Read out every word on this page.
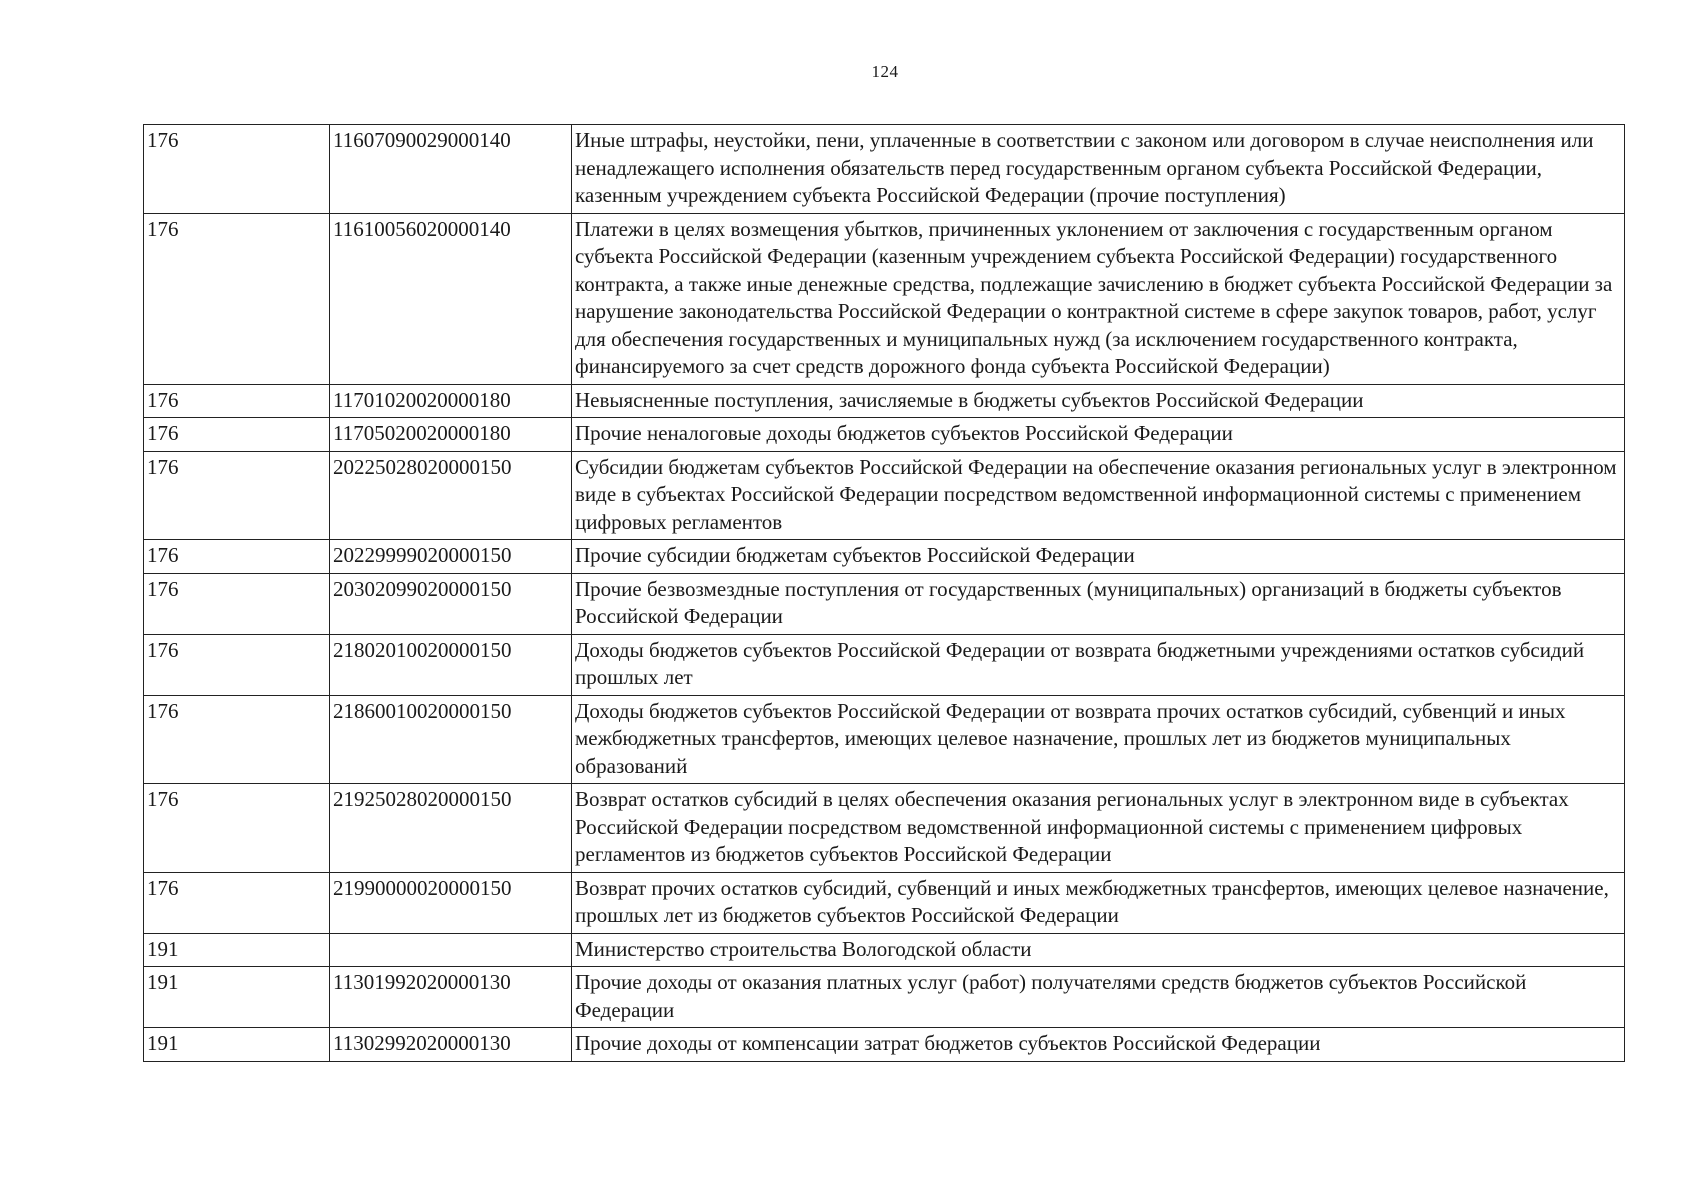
124
176	11607090029000140	Иные штрафы, неустойки, пени, уплаченные в соответствии с законом или договором в случае неисполнения или ненадлежащего исполнения обязательств перед государственным органом субъекта Российской Федерации, казенным учреждением субъекта Российской Федерации (прочие поступления)
176	11610056020000140	Платежи в целях возмещения убытков, причиненных уклонением от заключения с государственным органом субъекта Российской Федерации (казенным учреждением субъекта Российской Федерации) государственного контракта, а также иные денежные средства, подлежащие зачислению в бюджет субъекта Российской Федерации за нарушение законодательства Российской Федерации о контрактной системе в сфере закупок товаров, работ, услуг для обеспечения государственных и муниципальных нужд (за исключением государственного контракта, финансируемого за счет средств дорожного фонда субъекта Российской Федерации)
176	11701020020000180	Невыясненные поступления, зачисляемые в бюджеты субъектов Российской Федерации
176	11705020020000180	Прочие неналоговые доходы бюджетов субъектов Российской Федерации
176	20225028020000150	Субсидии бюджетам субъектов Российской Федерации на обеспечение оказания региональных услуг в электронном виде в субъектах Российской Федерации посредством ведомственной информационной системы с применением цифровых регламентов
176	20229999020000150	Прочие субсидии бюджетам субъектов Российской Федерации
176	20302099020000150	Прочие безвозмездные поступления от государственных (муниципальных) организаций в бюджеты субъектов Российской Федерации
176	21802010020000150	Доходы бюджетов субъектов Российской Федерации от возврата бюджетными учреждениями остатков субсидий прошлых лет
176	21860010020000150	Доходы бюджетов субъектов Российской Федерации от возврата прочих остатков субсидий, субвенций и иных межбюджетных трансфертов, имеющих целевое назначение, прошлых лет из бюджетов муниципальных образований
176	21925028020000150	Возврат остатков субсидий в целях обеспечения оказания региональных услуг в электронном виде в субъектах Российской Федерации посредством ведомственной информационной системы с применением цифровых регламентов из бюджетов субъектов Российской Федерации
176	21990000020000150	Возврат прочих остатков субсидий, субвенций и иных межбюджетных трансфертов, имеющих целевое назначение, прошлых лет из бюджетов субъектов Российской Федерации
191		Министерство строительства Вологодской области
191	11301992020000130	Прочие доходы от оказания платных услуг (работ) получателями средств бюджетов субъектов Российской Федерации
191	11302992020000130	Прочие доходы от компенсации затрат бюджетов субъектов Российской Федерации
